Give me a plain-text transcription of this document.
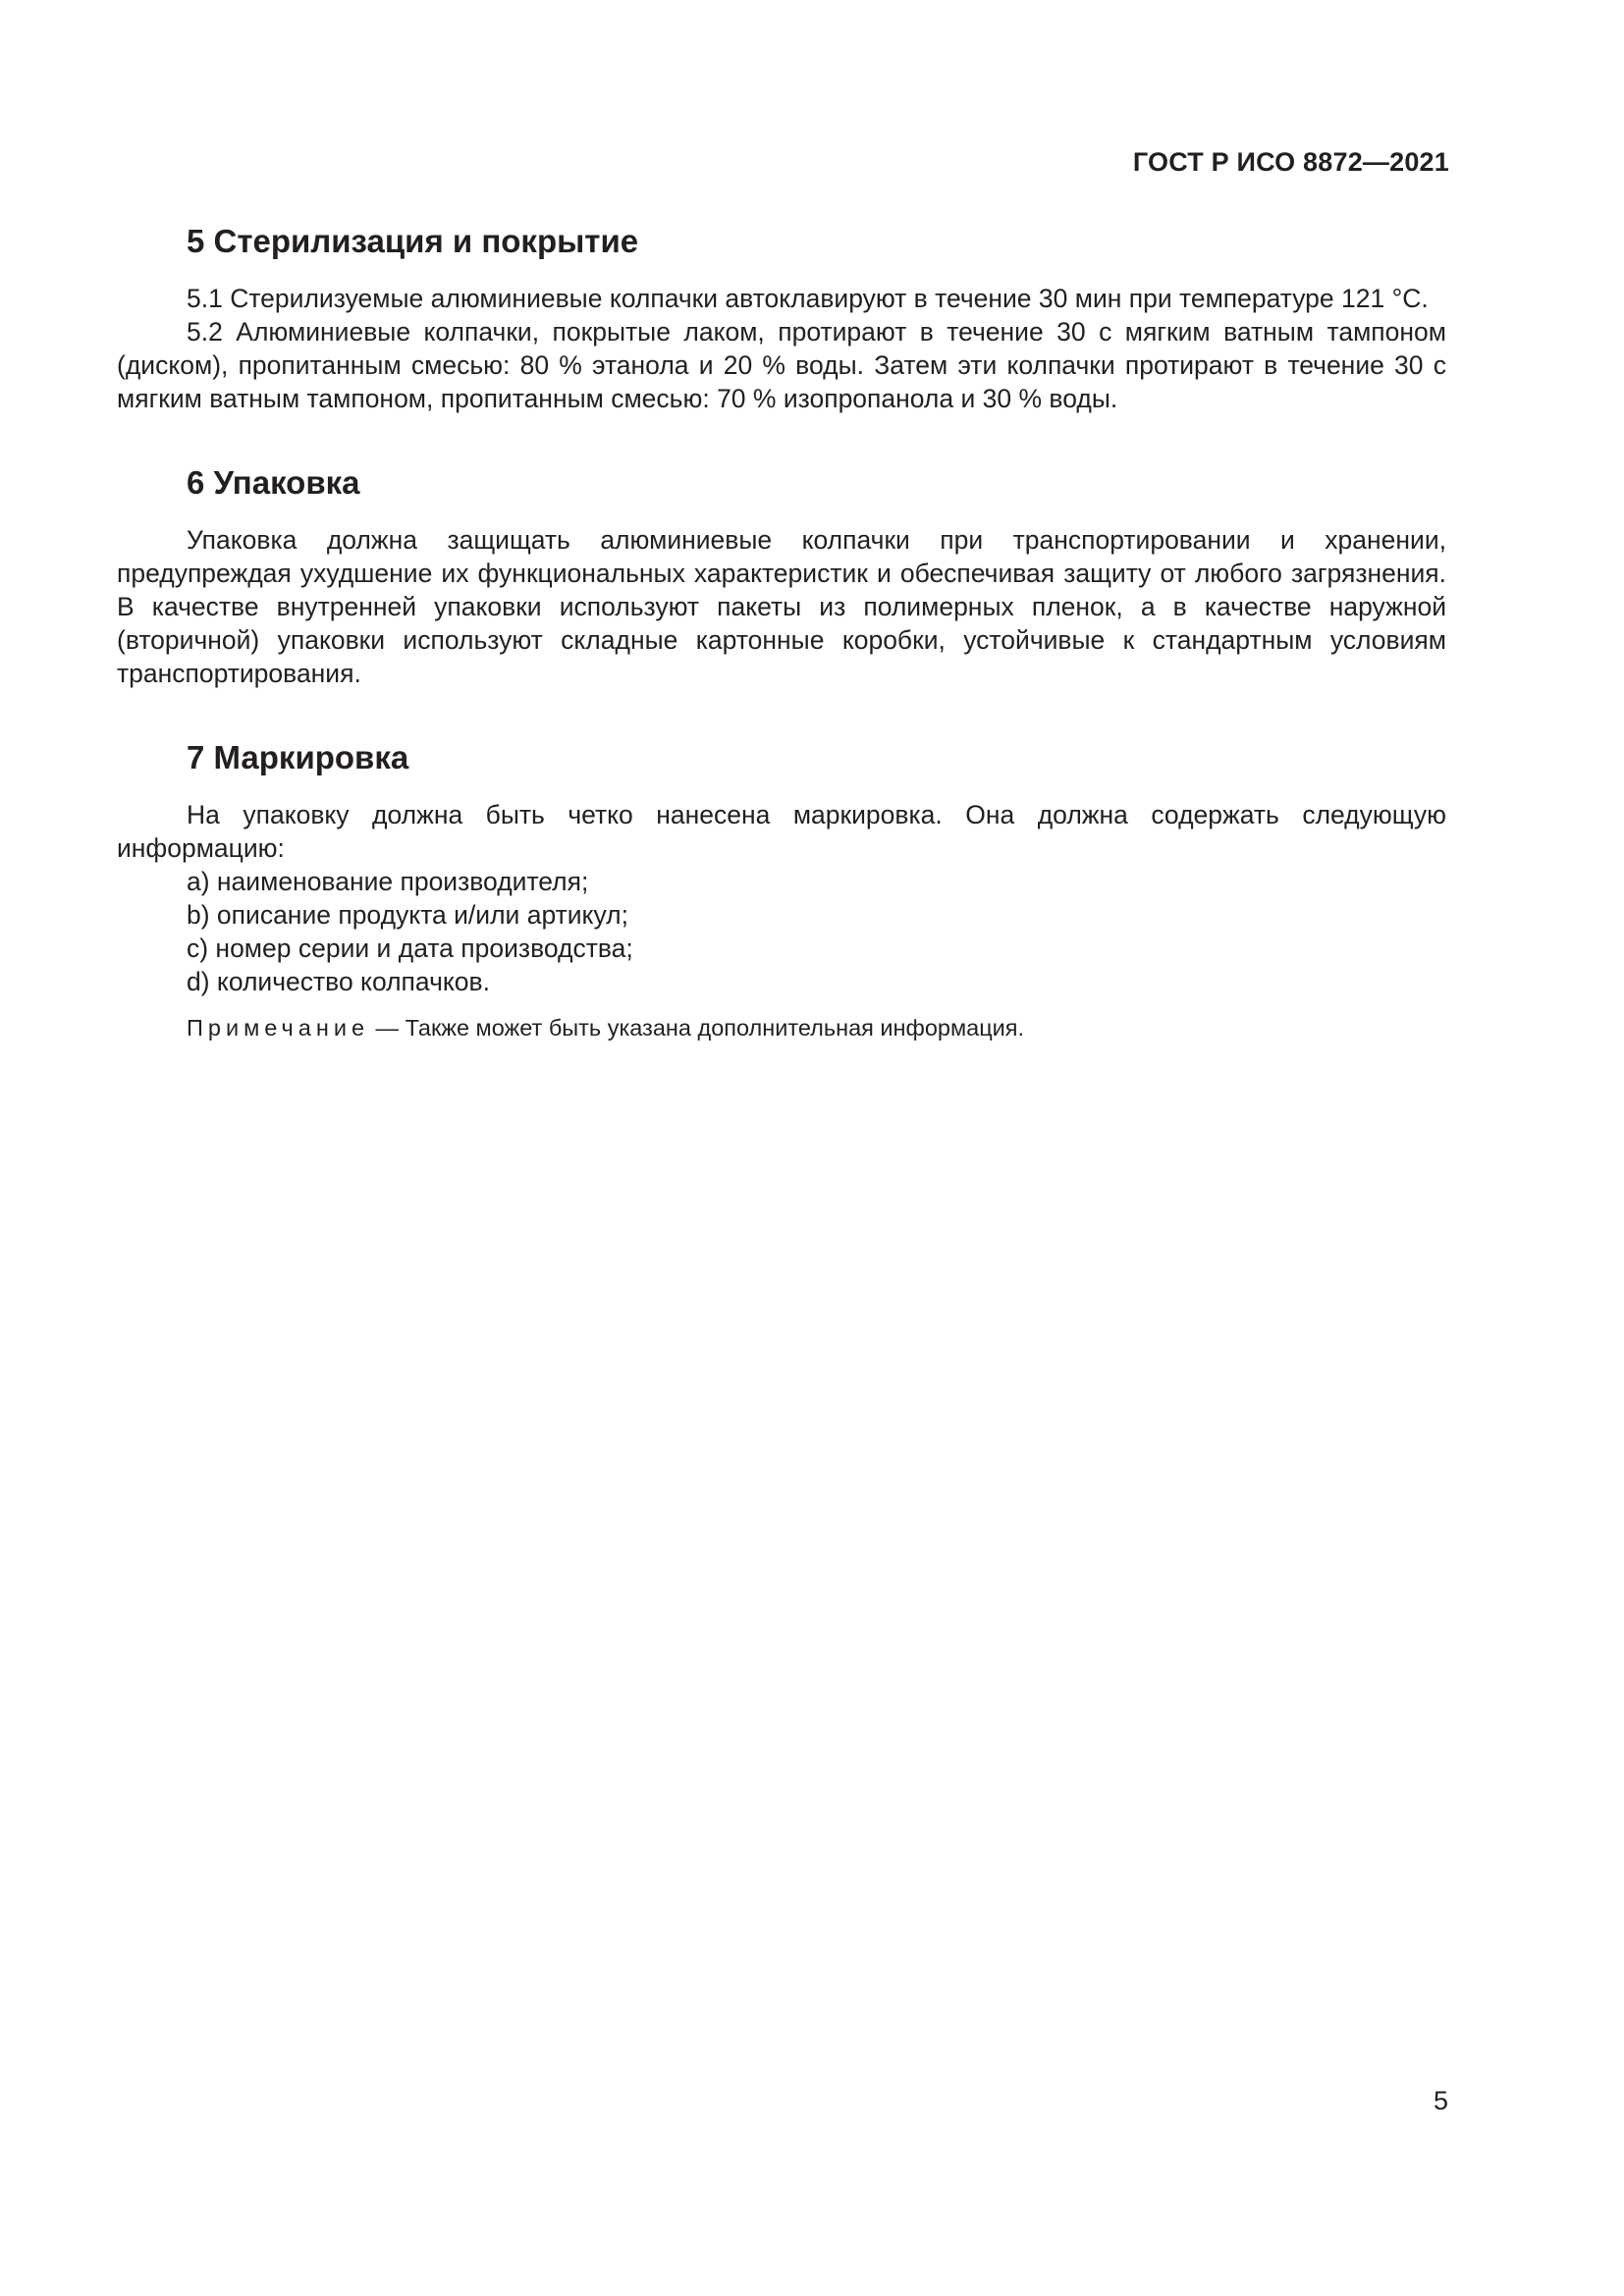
ГОСТ Р ИСО 8872—2021
5 Стерилизация и покрытие

5.1 Стерилизуемые алюминиевые колпачки автоклавируют в течение 30 мин при температуре 121 °С.

5.2 Алюминиевые колпачки, покрытые лаком, протирают в течение 30 с мягким ватным тампоном (диском), пропитанным смесью: 80 % этанола и 20 % воды. Затем эти колпачки протирают в течение 30 с мягким ватным тампоном, пропитанным смесью: 70 % изопропанола и 30 % воды.

6 Упаковка

Упаковка должна защищать алюминиевые колпачки при транспортировании и хранении, предупреждая ухудшение их функциональных характеристик и обеспечивая защиту от любого загрязнения. В качестве внутренней упаковки используют пакеты из полимерных пленок, а в качестве наружной (вторичной) упаковки используют складные картонные коробки, устойчивые к стандартным условиям транспортирования.

7 Маркировка

На упаковку должна быть четко нанесена маркировка. Она должна содержать следующую информацию:

a) наименование производителя;
b) описание продукта и/или артикул;
c) номер серии и дата производства;
d) количество колпачков.
Примечание — Также может быть указана дополнительная информация.
5
